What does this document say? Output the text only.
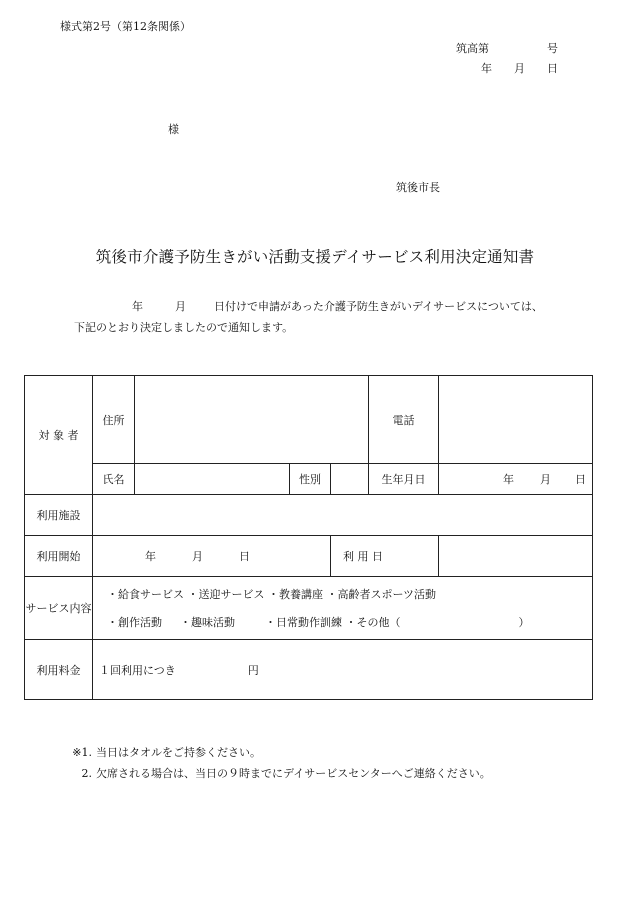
様式第2号（第12条関係）
筑高第	号
年 月 日
様
筑後市長
筑後市介護予防生きがい活動支援デイサービス利用決定通知書
年	月	日付けで申請があった介護予防生きがいデイサービスについては、
下記のとおり決定しましたので通知します。
対 象 者	住所				電話	
	氏名		性別		生年月日	年 月 日
利用施設						
利用開始	年 月 日			利 用 日		
サービス内容	・給食サービス ・送迎サービス ・教養講座 ・高齢者スポーツ活動
・創作活動 ・趣味活動 ・日常動作訓練 ・その他（ ）					

利用料金	１回利用につき 円					
※1. 当日はタオルをご持参ください。
2. 欠席される場合は、当日の９時までにデイサービスセンターへご連絡ください。
